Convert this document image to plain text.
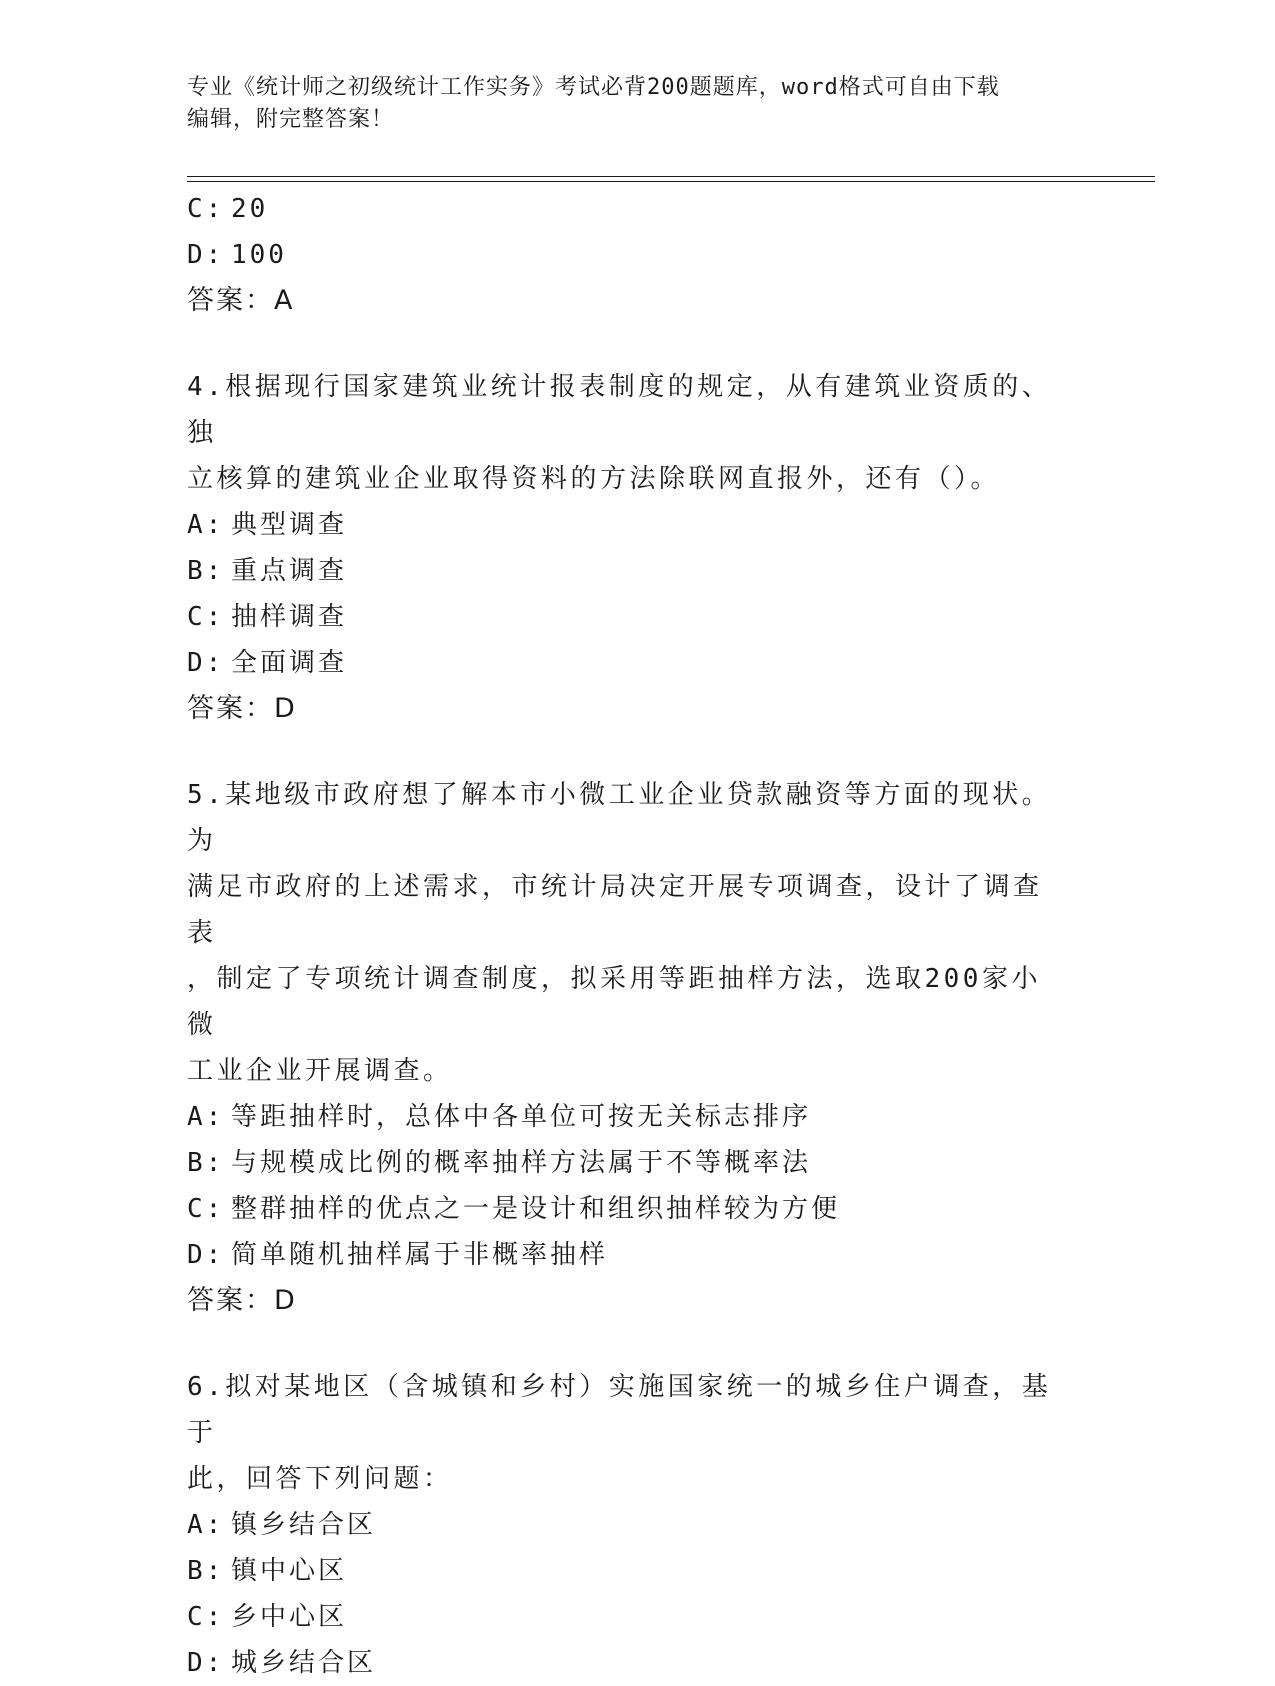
专业《统计师之初级统计工作实务》考试必背200题题库，word格式可自由下载
编辑，附完整答案！
C: 20
D: 100
答案：A
4.根据现行国家建筑业统计报表制度的规定，从有建筑业资质的、独
立核算的建筑业企业取得资料的方法除联网直报外，还有（）。
A: 典型调查
B: 重点调查
C: 抽样调查
D: 全面调查
答案：D
5.某地级市政府想了解本市小微工业企业贷款融资等方面的现状。为
满足市政府的上述需求，市统计局决定开展专项调查，设计了调查表
，制定了专项统计调查制度，拟采用等距抽样方法，选取200家小微
工业企业开展调查。
A: 等距抽样时，总体中各单位可按无关标志排序
B: 与规模成比例的概率抽样方法属于不等概率法
C: 整群抽样的优点之一是设计和组织抽样较为方便
D: 简单随机抽样属于非概率抽样
答案：D
6.拟对某地区（含城镇和乡村）实施国家统一的城乡住户调查，基于
此，回答下列问题：
A: 镇乡结合区
B: 镇中心区
C: 乡中心区
D: 城乡结合区
